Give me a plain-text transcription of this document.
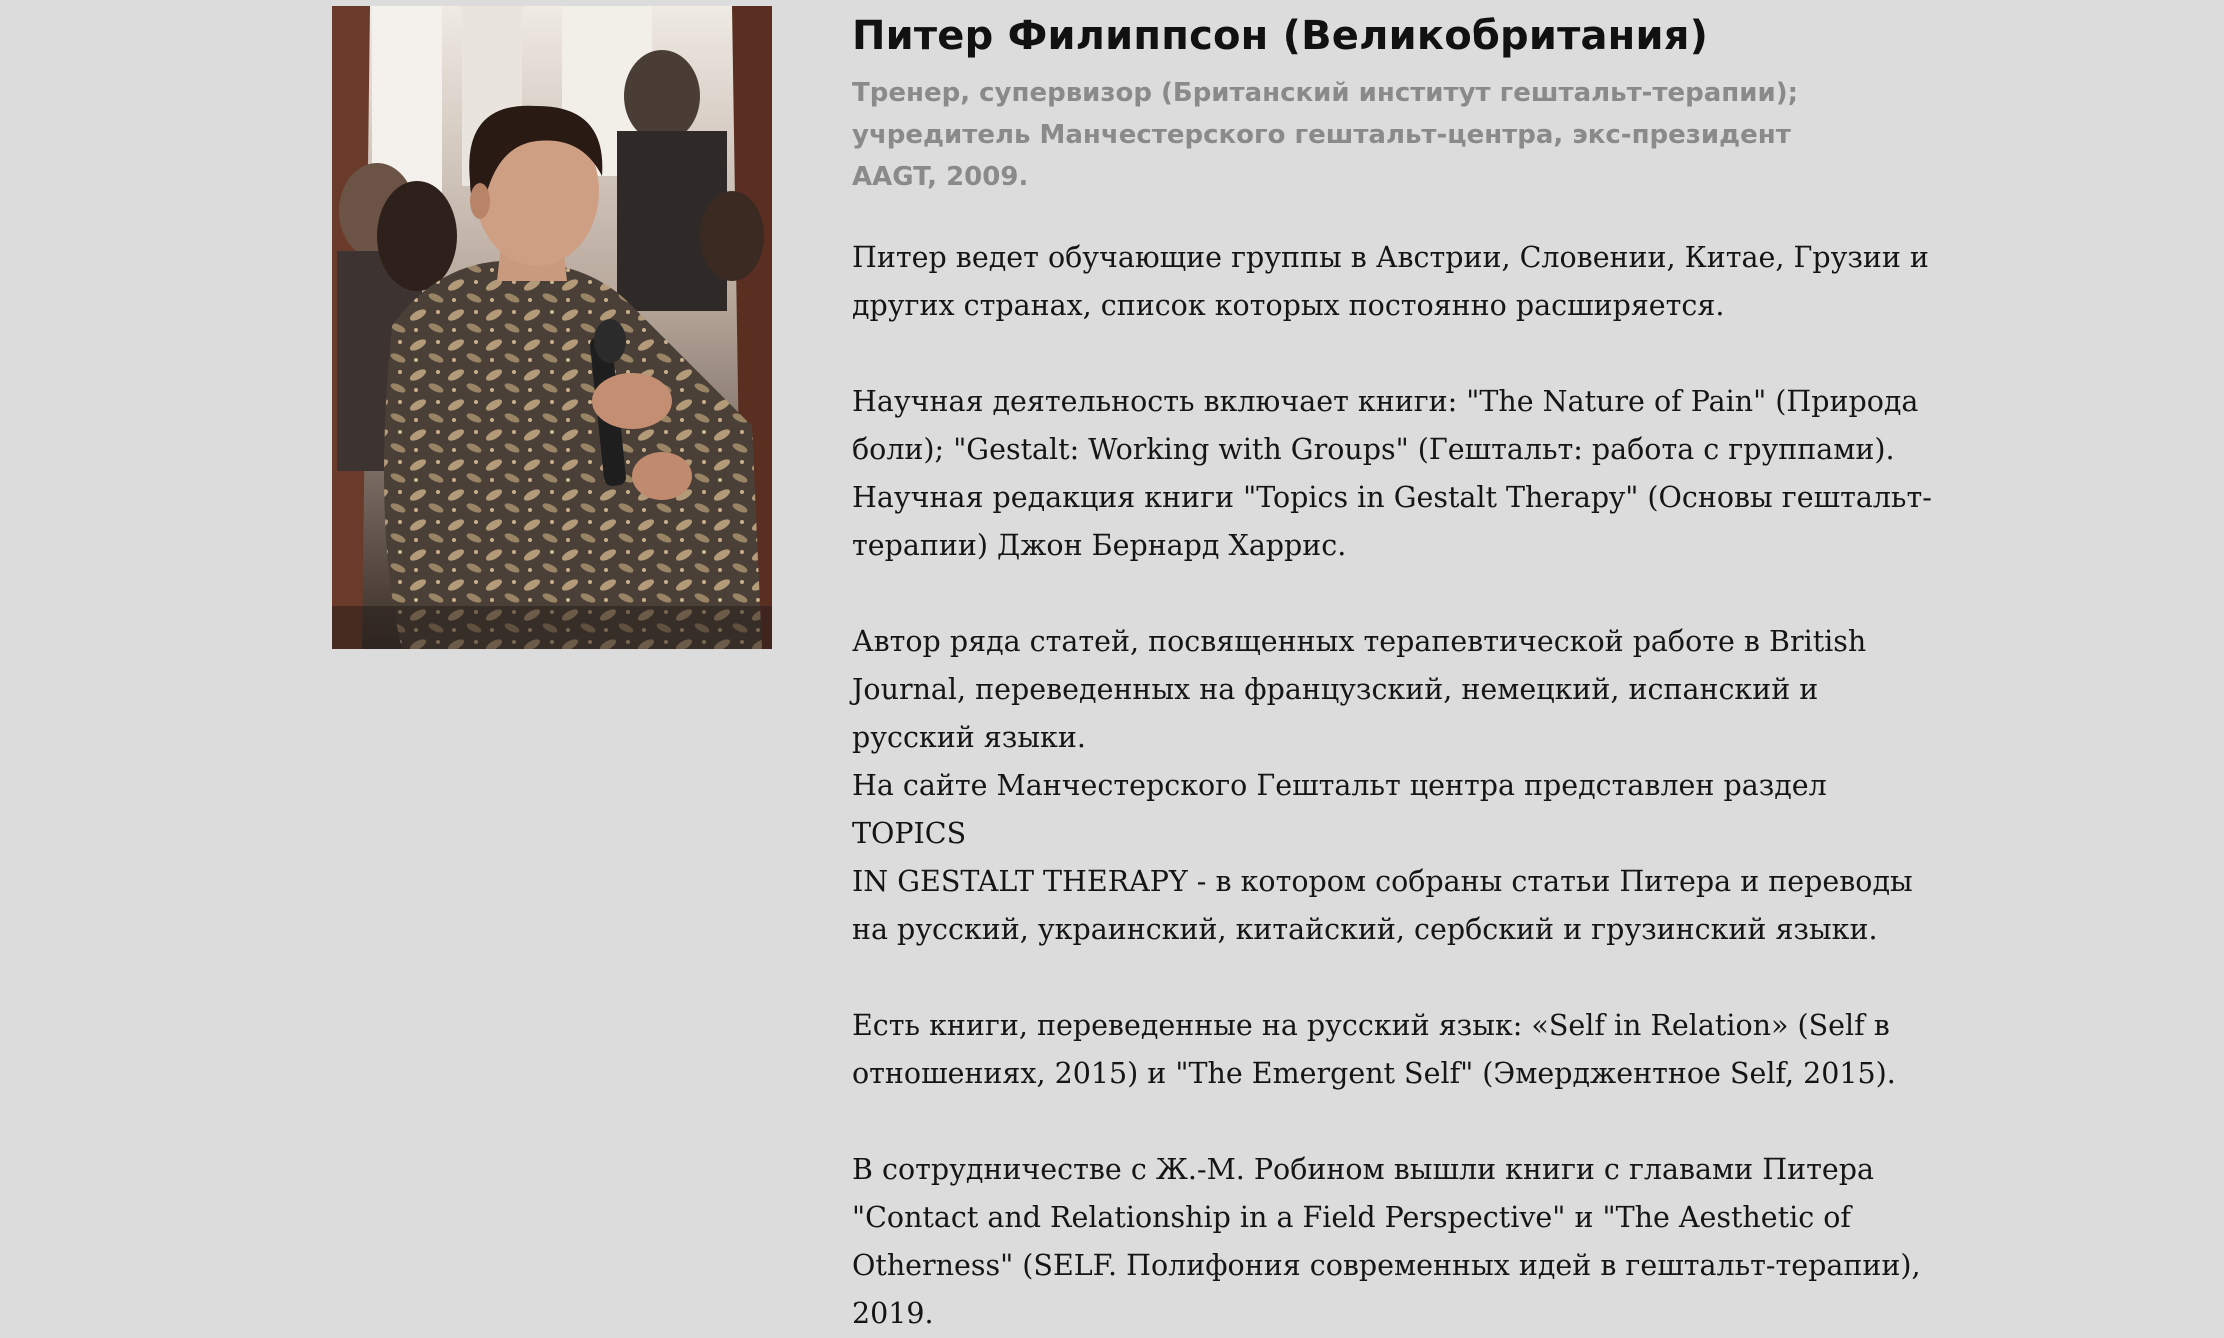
Питер Филиппсон (Великобритания)
Тренер, супервизор (Британский институт гештальт-терапии); учредитель Манчестерского гештальт-центра, экс-президент AAGT, 2009.

Питер ведет обучающие группы в Австрии, Словении, Китае, Грузии и
других странах, список которых постоянно расширяется.

Научная деятельность включает книги: "The Nature of Pain" (Природа
боли); "Gestalt: Working with Groups" (Гештальт: работа с группами).
Научная редакция книги "Topics in Gestalt Therapy" (Основы гештальт-
терапии) Джон Бернард Харрис.

Автор ряда статей, посвященных терапевтической работе в British
Journal, переведенных на французский, немецкий, испанский и
русский языки.
На сайте Манчестерского Гештальт центра представлен раздел TOPICS
IN GESTALT THERAPY - в котором собраны статьи Питера и переводы
на русский, украинский, китайский, сербский и грузинский языки.

Есть книги, переведенные на русский язык: «Self in Relation» (Self в
отношениях, 2015) и "The Emergent Self" (Эмерджентное Self, 2015).

В сотрудничестве с Ж.-М. Робином вышли книги с главами Питера
"Contact and Relationship in a Field Perspective" и "The Aesthetic of
Otherness" (SELF. Полифония современных идей в гештальт-терапии),
2019.
